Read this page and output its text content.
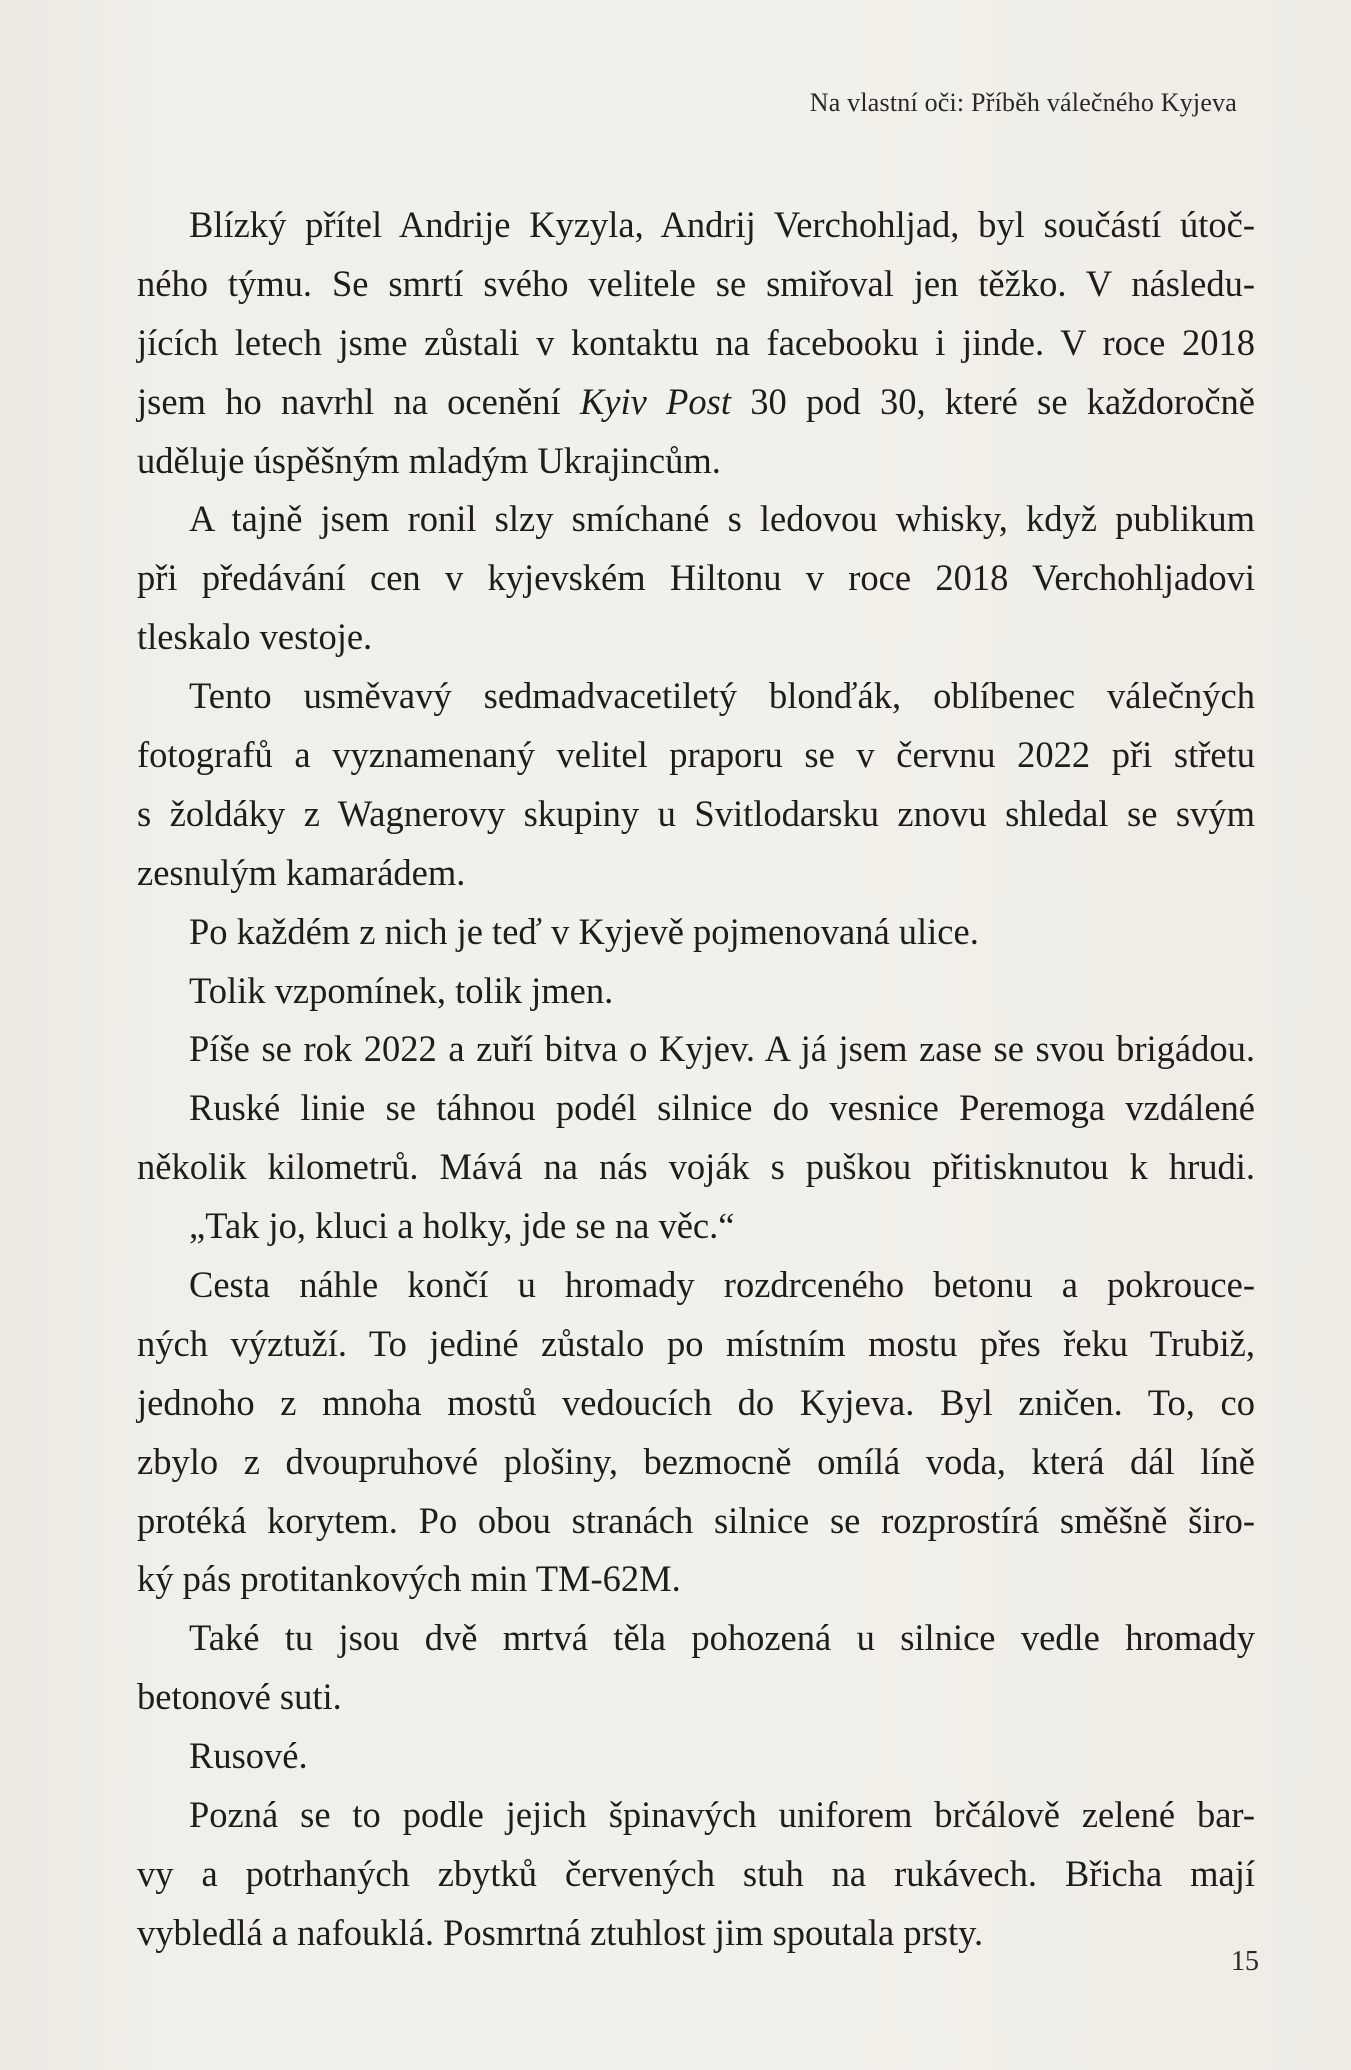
Na vlastní oči: Příběh válečného Kyjeva
Blízký přítel Andrije Kyzyla, Andrij Verchohljad, byl součástí útoč-
ného týmu. Se smrtí svého velitele se smiřoval jen těžko. V následu-
jících letech jsme zůstali v kontaktu na facebooku i jinde. V roce 2018
jsem ho navrhl na ocenění Kyiv Post 30 pod 30, které se každoročně
uděluje úspěšným mladým Ukrajincům.
A tajně jsem ronil slzy smíchané s ledovou whisky, když publikum
při předávání cen v kyjevském Hiltonu v roce 2018 Verchohljadovi
tleskalo vestoje.
Tento usměvavý sedmadvacetiletý blonďák, oblíbenec válečných
fotografů a vyznamenaný velitel praporu se v červnu 2022 při střetu
s žoldáky z Wagnerovy skupiny u Svitlodarsku znovu shledal se svým
zesnulým kamarádem.
Po každém z nich je teď v Kyjevě pojmenovaná ulice.
Tolik vzpomínek, tolik jmen.
Píše se rok 2022 a zuří bitva o Kyjev. A já jsem zase se svou brigádou.
Ruské linie se táhnou podél silnice do vesnice Peremoga vzdálené
několik kilometrů. Mává na nás voják s puškou přitisknutou k hrudi.
„Tak jo, kluci a holky, jde se na věc.“
Cesta náhle končí u hromady rozdrceného betonu a pokrouce-
ných výztuží. To jediné zůstalo po místním mostu přes řeku Trubiž,
jednoho z mnoha mostů vedoucích do Kyjeva. Byl zničen. To, co
zbylo z dvoupruhové plošiny, bezmocně omílá voda, která dál líně
protéká korytem. Po obou stranách silnice se rozprostírá směšně širo-
ký pás protitankových min TM-62M.
Také tu jsou dvě mrtvá těla pohozená u silnice vedle hromady
betonové suti.
Rusové.
Pozná se to podle jejich špinavých uniforem brčálově zelené bar-
vy a potrhaných zbytků červených stuh na rukávech. Břicha mají
vybledlá a nafouklá. Posmrtná ztuhlost jim spoutala prsty.
15
